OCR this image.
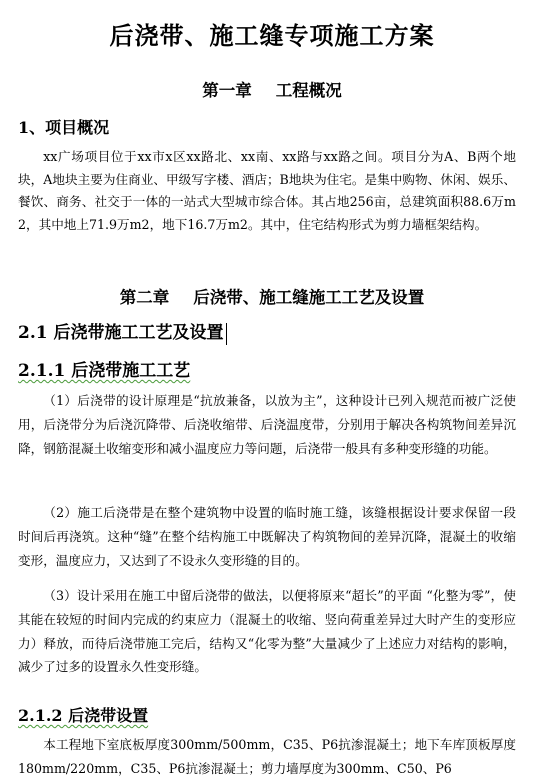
后浇带、施工缝专项施工方案
第一章 工程概况
1、项目概况
xx广场项目位于xx市x区xx路北、xx南、xx路与xx路之间。项目分为A、B两个地块，A地块主要为住商业、甲级写字楼、酒店；B地块为住宅。是集中购物、休闲、娱乐、餐饮、商务、社交于一体的一站式大型城市综合体。其占地256亩，总建筑面积88.6万m2，其中地上71.9万m2，地下16.7万m2。其中，住宅结构形式为剪力墙框架结构。
第二章 后浇带、施工缝施工工艺及设置
2.1 后浇带施工工艺及设置
2.1.1 后浇带施工工艺
（1）后浇带的设计原理是“抗放兼备，以放为主”，这种设计已列入规范而被广泛使用，后浇带分为后浇沉降带、后浇收缩带、后浇温度带，分别用于解决各构筑物间差异沉降，钢筋混凝土收缩变形和减小温度应力等问题，后浇带一般具有多种变形缝的功能。
（2）施工后浇带是在整个建筑物中设置的临时施工缝，该缝根据设计要求保留一段时间后再浇筑。这种“缝”在整个结构施工中既解决了构筑物间的差异沉降，混凝土的收缩变形，温度应力，又达到了不设永久变形缝的目的。
（3）设计采用在施工中留后浇带的做法，以便将原来“超长”的平面 “化整为零”，使其能在较短的时间内完成的约束应力（混凝土的收缩、竖向荷重差异过大时产生的变形应力）释放，而待后浇带施工完后，结构又“化零为整”大量减少了上述应力对结构的影响，减少了过多的设置永久性变形缝。
2.1.2 后浇带设置
本工程地下室底板厚度300mm/500mm，C35、P6抗渗混凝土；地下车库顶板厚度180mm/220mm，C35、P6抗渗混凝土；剪力墙厚度为300mm、C50、P6
